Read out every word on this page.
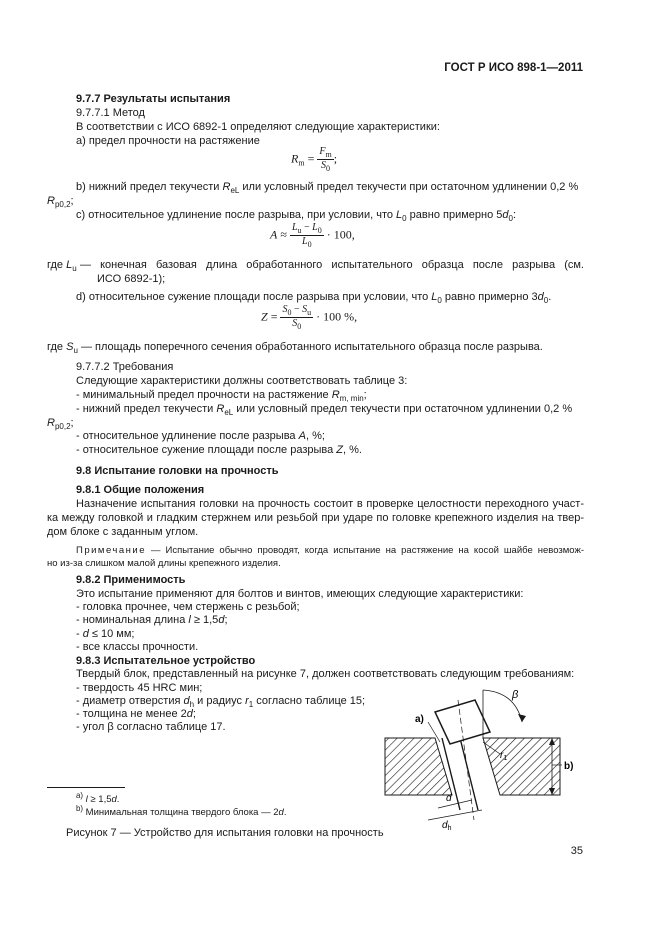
ГОСТ Р ИСО 898-1—2011
9.7.7 Результаты испытания
9.7.7.1 Метод
В соответствии с ИСО 6892-1 определяют следующие характеристики:
а) предел прочности на растяжение
$R_m = \frac{F_m}{S_0}$ ;
b) нижний предел текучести $R_{eL}$ или условный предел текучести при остаточном удлинении 0,2 %
$R_{p0,2}$;
с) относительное удлинение после разрыва, при условии, что $L_0$ равно примерно $5d_0$:
$A \approx \frac{L_u - L_0}{L_0} \cdot 100$,
где $L_u$ — конечная базовая длина обработанного испытательного образца после разрыва (см.
ИСО 6892-1);
d) относительное сужение площади после разрыва при условии, что $L_0$ равно примерно $3d_0$.
$Z = \frac{S_0 - S_u}{S_0} \cdot 100$ %,
где $S_u$ — площадь поперечного сечения обработанного испытательного образца после разрыва.
9.7.7.2 Требования
Следующие характеристики должны соответствовать таблице 3:
- минимальный предел прочности на растяжение $R_{m, min}$;
- нижний предел текучести $R_{eL}$ или условный предел текучести при остаточном удлинении 0,2 %
$R_{p0,2}$;
- относительное удлинение после разрыва A, %;
- относительное сужение площади после разрыва Z, %.
9.8 Испытание головки на прочность
9.8.1 Общие положения
Назначение испытания головки на прочность состоит в проверке целостности переходного участ-
ка между головкой и гладким стержнем или резьбой при ударе по головке крепежного изделия на твер-
дом блоке с заданным углом.
Примечание — Испытание обычно проводят, когда испытание на растяжение на косой шайбе невозмож-
но из-за слишком малой длины крепежного изделия.
9.8.2 Применимость
Это испытание применяют для болтов и винтов, имеющих следующие характеристики:
- головка прочнее, чем стержень с резьбой;
- номинальная длина l ≥ 1,5d;
- d ≤ 10 мм;
- все классы прочности.
9.8.3 Испытательное устройство
Твердый блок, представленный на рисунке 7, должен соответствовать следующим требованиям:
- твердость 45 HRC мин;
- диаметр отверстия $d_h$ и радиус $r_1$ согласно таблице 15;
- толщина не менее 2d;
- угол β согласно таблице 17.
β
$r_1$
a)
b)
d
$d_h$
$^{a)}$ l ≥ 1,5d.
$^{b)}$ Минимальная толщина твердого блока — 2d.
Рисунок 7 — Устройство для испытания головки на прочность
35
